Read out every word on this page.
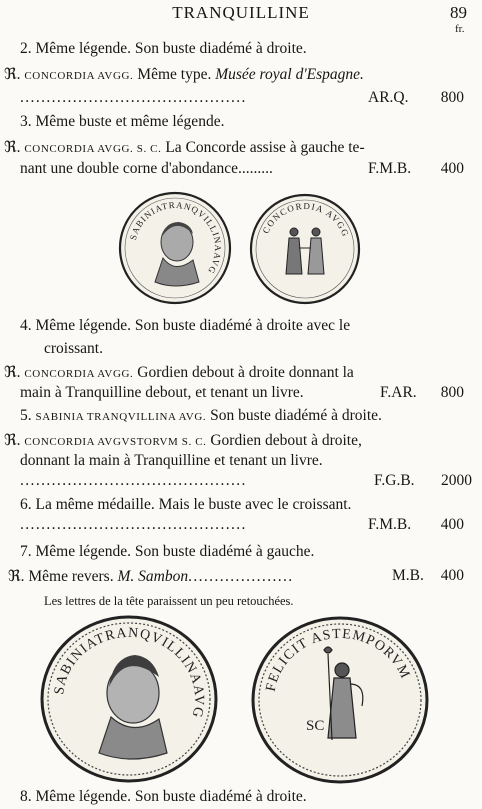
TRANQUILLINE	89
fr.
2. Même légende. Son buste diadémé à droite.
ℜ. CONCORDIA AVGG. Même type. Musée royal d'Espagne.
...........................................	AR.Q. 800
3. Même buste et même légende.
ℜ. CONCORDIA AVGG. S. C. La Concorde assise à gauche te-
nant une double corne d'abondance.........	F.M.B. 400
SABINIATRANQVILLINAAVG
CONCORDIA AVGG
4. Même légende. Son buste diadémé à droite avec le
croissant.
ℜ. CONCORDIA AVGG. Gordien debout à droite donnant la
main à Tranquilline debout, et tenant un livre.	F.AR. 800
5. SABINIA TRANQVILLINA AVG. Son buste diadémé à droite.
ℜ. CONCORDIA AVGVSTORVM S. C. Gordien debout à droite,
donnant la main à Tranquilline et tenant un livre.
...........................................	F.G.B. 2000
6. La même médaille. Mais le buste avec le croissant.
...........................................	F.M.B. 400
7. Même légende. Son buste diadémé à gauche.
ℜ. Même revers. M. Sambon....................	M.B. 400
Les lettres de la tête paraissent un peu retouchées.
SABINIATRANQVILLINAAVG
FELICIT ASTEMPORVM
SC
8. Même légende. Son buste diadémé à droite.
